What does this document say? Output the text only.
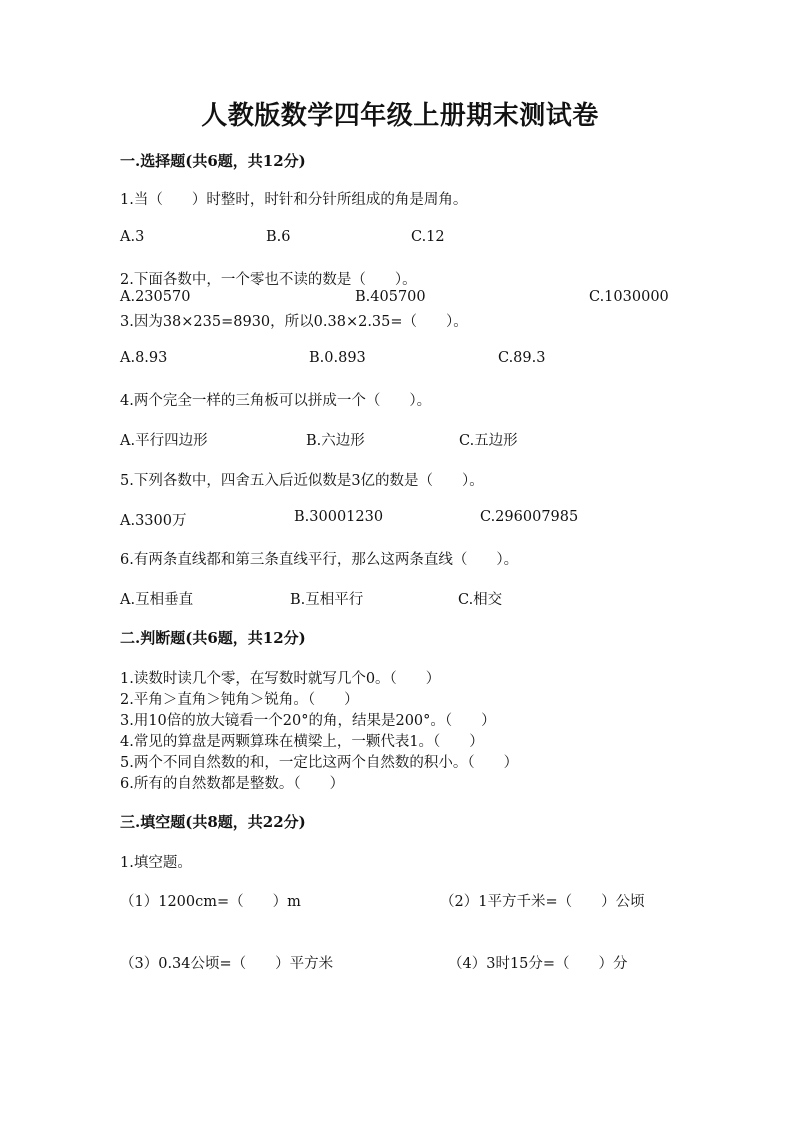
人教版数学四年级上册期末测试卷
一.选择题(共6题，共12分)
1.当（　　）时整时，时针和分针所组成的角是周角。
A.3	B.6	C.12
2.下面各数中，一个零也不读的数是（　　）。
A.230570	B.405700	C.1030000
3.因为38×235=8930，所以0.38×2.35=（　　）。
A.8.93	B.0.893	C.89.3
4.两个完全一样的三角板可以拼成一个（　　）。
A.平行四边形	B.六边形	C.五边形
5.下列各数中，四舍五入后近似数是3亿的数是（　　）。
A.3300万	B.30001230	C.296007985
6.有两条直线都和第三条直线平行，那么这两条直线（　　）。
A.互相垂直	B.互相平行	C.相交
二.判断题(共6题，共12分)
1.读数时读几个零，在写数时就写几个0。（　　）
2.平角＞直角＞钝角＞锐角。（　　）
3.用10倍的放大镜看一个20°的角，结果是200°。（　　）
4.常见的算盘是两颗算珠在横梁上，一颗代表1。（　　）
5.两个不同自然数的和，一定比这两个自然数的积小。（　　）
6.所有的自然数都是整数。（　　）
三.填空题(共8题，共22分)
1.填空题。
（1）1200cm=（　　）m	（2）1平方千米=（　　）公顷
（3）0.34公顷=（　　）平方米	（4）3时15分=（　　）分
